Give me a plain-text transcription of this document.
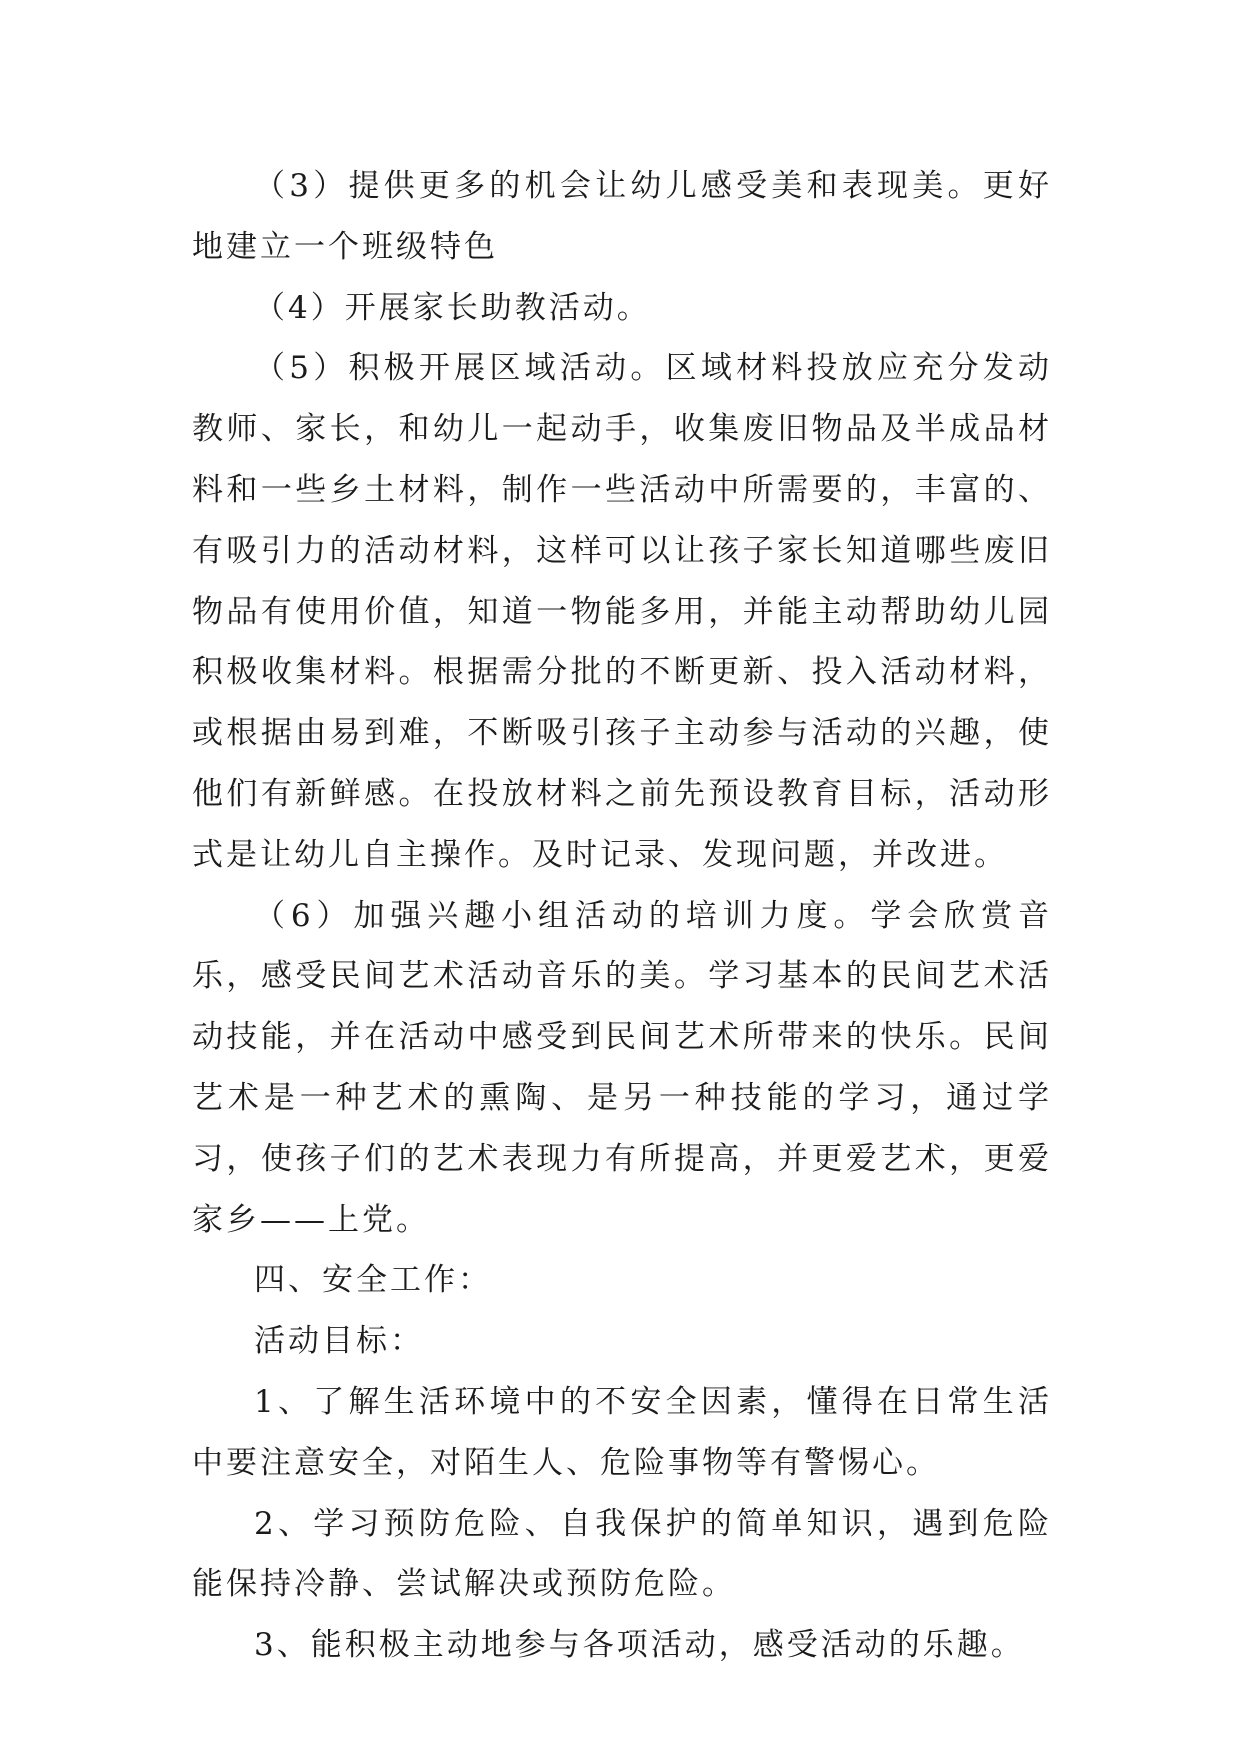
（3）提供更多的机会让幼儿感受美和表现美。更好地建立一个班级特色

（4）开展家长助教活动。

（5）积极开展区域活动。区域材料投放应充分发动教师、家长，和幼儿一起动手，收集废旧物品及半成品材料和一些乡土材料，制作一些活动中所需要的，丰富的、有吸引力的活动材料，这样可以让孩子家长知道哪些废旧物品有使用价值，知道一物能多用，并能主动帮助幼儿园积极收集材料。根据需分批的不断更新、投入活动材料，或根据由易到难，不断吸引孩子主动参与活动的兴趣，使他们有新鲜感。在投放材料之前先预设教育目标，活动形式是让幼儿自主操作。及时记录、发现问题，并改进。

（6）加强兴趣小组活动的培训力度。学会欣赏音乐，感受民间艺术活动音乐的美。学习基本的民间艺术活动技能，并在活动中感受到民间艺术所带来的快乐。民间艺术是一种艺术的熏陶、是另一种技能的学习，通过学习，使孩子们的艺术表现力有所提高，并更爱艺术，更爱家乡——上党。

四、安全工作：

活动目标：

1、了解生活环境中的不安全因素，懂得在日常生活中要注意安全，对陌生人、危险事物等有警惕心。

2、学习预防危险、自我保护的简单知识，遇到危险能保持冷静、尝试解决或预防危险。

3、能积极主动地参与各项活动，感受活动的乐趣。
